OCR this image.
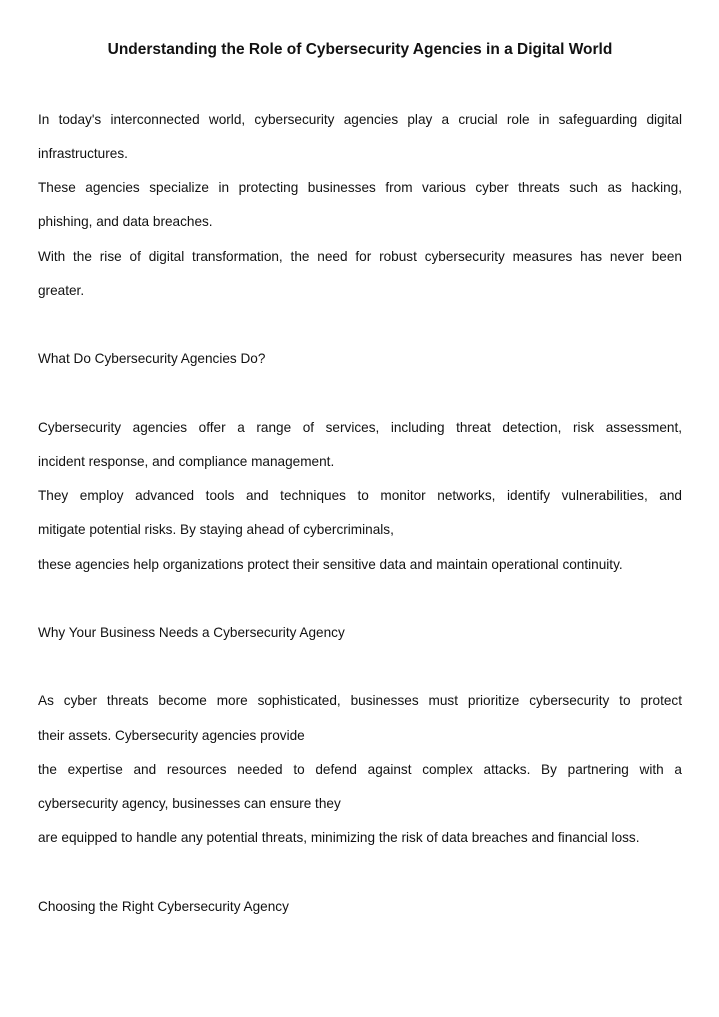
Understanding the Role of Cybersecurity Agencies in a Digital World
In today's interconnected world, cybersecurity agencies play a crucial role in safeguarding digital
infrastructures.
These agencies specialize in protecting businesses from various cyber threats such as hacking,
phishing, and data breaches.
With the rise of digital transformation, the need for robust cybersecurity measures has never been
greater.
What Do Cybersecurity Agencies Do?
Cybersecurity agencies offer a range of services, including threat detection, risk assessment,
incident response, and compliance management.
They employ advanced tools and techniques to monitor networks, identify vulnerabilities, and
mitigate potential risks. By staying ahead of cybercriminals,
these agencies help organizations protect their sensitive data and maintain operational continuity.
Why Your Business Needs a Cybersecurity Agency
As cyber threats become more sophisticated, businesses must prioritize cybersecurity to protect
their assets. Cybersecurity agencies provide
the expertise and resources needed to defend against complex attacks. By partnering with a
cybersecurity agency, businesses can ensure they
are equipped to handle any potential threats, minimizing the risk of data breaches and financial loss.
Choosing the Right Cybersecurity Agency
